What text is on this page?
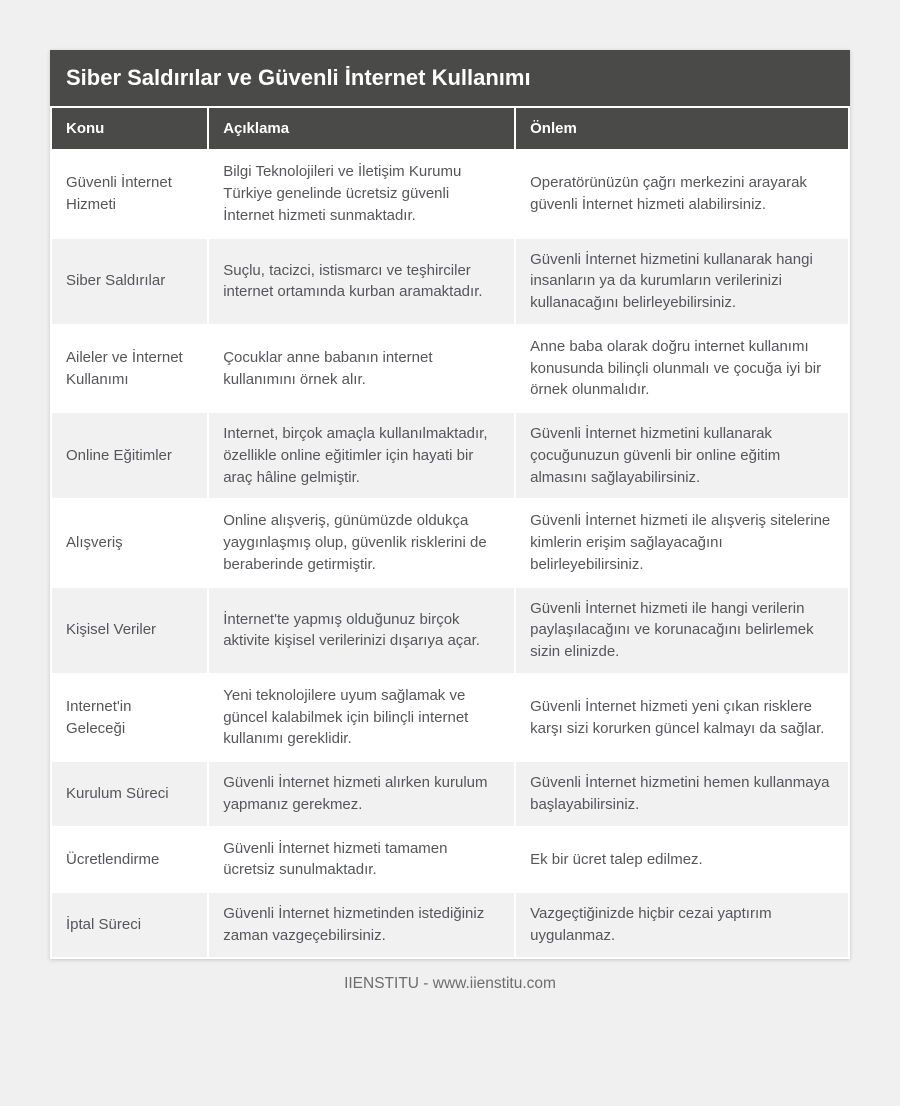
Siber Saldırılar ve Güvenli İnternet Kullanımı
Konu	Açıklama	Önlem
Güvenli İnternet Hizmeti	Bilgi Teknolojileri ve İletişim Kurumu Türkiye genelinde ücretsiz güvenli İnternet hizmeti sunmaktadır.	Operatörünüzün çağrı merkezini arayarak güvenli İnternet hizmeti alabilirsiniz.
Siber Saldırılar	Suçlu, tacizci, istismarcı ve teşhirciler internet ortamında kurban aramaktadır.	Güvenli İnternet hizmetini kullanarak hangi insanların ya da kurumların verilerinizi kullanacağını belirleyebilirsiniz.
Aileler ve İnternet Kullanımı	Çocuklar anne babanın internet kullanımını örnek alır.	Anne baba olarak doğru internet kullanımı konusunda bilinçli olunmalı ve çocuğa iyi bir örnek olunmalıdır.
Online Eğitimler	Internet, birçok amaçla kullanılmaktadır, özellikle online eğitimler için hayati bir araç hâline gelmiştir.	Güvenli İnternet hizmetini kullanarak çocuğunuzun güvenli bir online eğitim almasını sağlayabilirsiniz.
Alışveriş	Online alışveriş, günümüzde oldukça yaygınlaşmış olup, güvenlik risklerini de beraberinde getirmiştir.	Güvenli İnternet hizmeti ile alışveriş sitelerine kimlerin erişim sağlayacağını belirleyebilirsiniz.
Kişisel Veriler	İnternet'te yapmış olduğunuz birçok aktivite kişisel verilerinizi dışarıya açar.	Güvenli İnternet hizmeti ile hangi verilerin paylaşılacağını ve korunacağını belirlemek sizin elinizde.
Internet'in Geleceği	Yeni teknolojilere uyum sağlamak ve güncel kalabilmek için bilinçli internet kullanımı gereklidir.	Güvenli İnternet hizmeti yeni çıkan risklere karşı sizi korurken güncel kalmayı da sağlar.
Kurulum Süreci	Güvenli İnternet hizmeti alırken kurulum yapmanız gerekmez.	Güvenli İnternet hizmetini hemen kullanmaya başlayabilirsiniz.
Ücretlendirme	Güvenli İnternet hizmeti tamamen ücretsiz sunulmaktadır.	Ek bir ücret talep edilmez.
İptal Süreci	Güvenli İnternet hizmetinden istediğiniz zaman vazgeçebilirsiniz.	Vazgeçtiğinizde hiçbir cezai yaptırım uygulanmaz.
IIENSTITU - www.iienstitu.com
